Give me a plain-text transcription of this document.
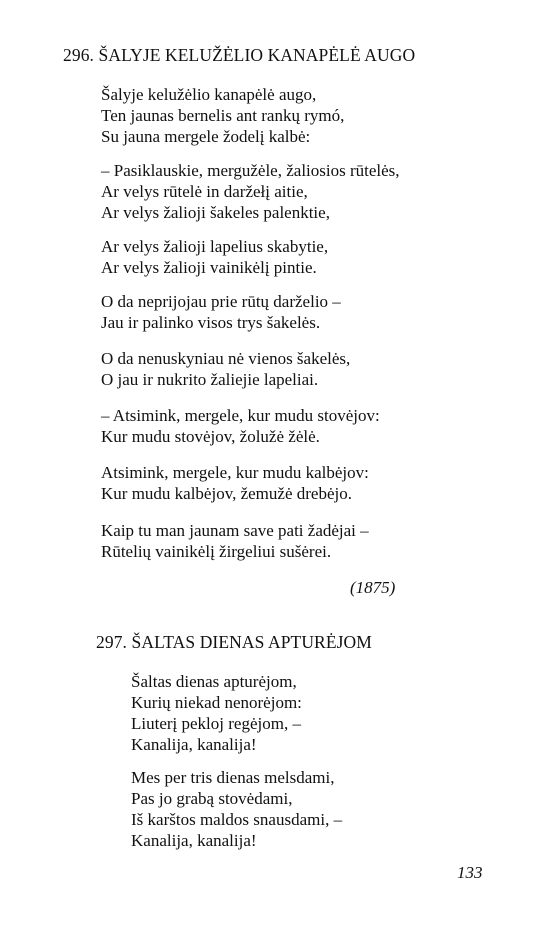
296. ŠALYJE KELUŽĖLIO KANAPĖLĖ AUGO
Šalyje kelužėlio kanapėlė augo,
Ten jaunas bernelis ant rankų rymó,
Su jauna mergele žodelį kalbė:
– Pasiklauskie, mergužėle, žaliosios rūtelės,
Ar velys rūtelė in daržełį aitie,
Ar velys žalioji šakeles palenktie,
Ar velys žalioji lapelius skabytie,
Ar velys žalioji vainikėlį pintie.
O da neprijojau prie rūtų darželio –
Jau ir palinko visos trys šakelės.
O da nenuskyniau nė vienos šakelės,
O jau ir nukrito žaliejie lapeliai.
– Atsimink, mergele, kur mudu stovėjov:
Kur mudu stovėjov, žolužė žėlė.
Atsimink, mergele, kur mudu kalbėjov:
Kur mudu kalbėjov, žemužė drebėjo.
Kaip tu man jaunam save pati žadėjai –
Rūtelių vainikėlį žirgeliui sušėrei.
(1875)
297. ŠALTAS DIENAS APTURĖJOM
Šaltas dienas apturėjom,
Kurių niekad nenorėjom:
Liuterį pekloj regėjom, –
Kanalija, kanalija!
Mes per tris dienas melsdami,
Pas jo grabą stovėdami,
Iš karštos maldos snausdami, –
Kanalija, kanalija!
133
